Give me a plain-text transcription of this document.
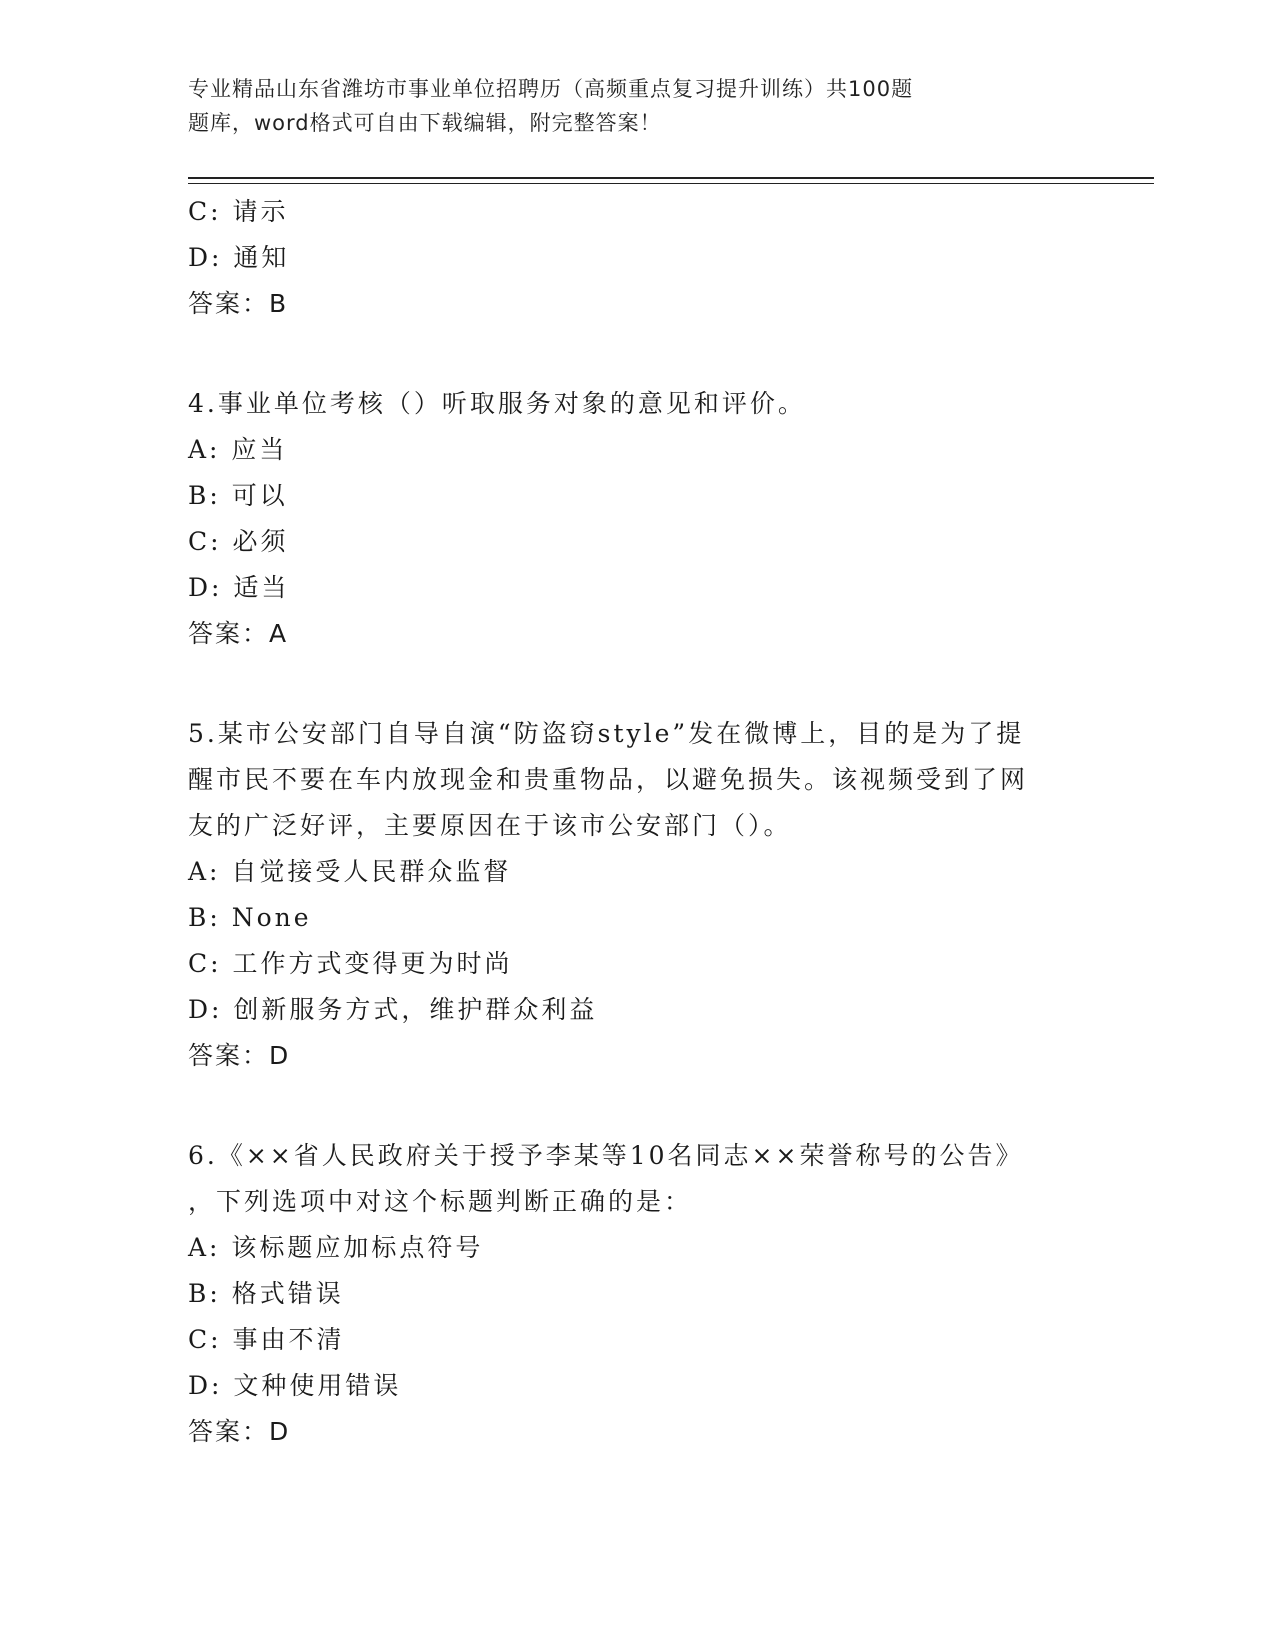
专业精品山东省潍坊市事业单位招聘历（高频重点复习提升训练）共100题
题库，word格式可自由下载编辑，附完整答案！
C: 请示
D: 通知
答案：B
4.事业单位考核（）听取服务对象的意见和评价。
A: 应当
B: 可以
C: 必须
D: 适当
答案：A
5.某市公安部门自导自演“防盗窃style”发在微博上，目的是为了提
醒市民不要在车内放现金和贵重物品，以避免损失。该视频受到了网
友的广泛好评，主要原因在于该市公安部门（）。
A: 自觉接受人民群众监督
B: None
C: 工作方式变得更为时尚
D: 创新服务方式，维护群众利益
答案：D
6.《××省人民政府关于授予李某等10名同志××荣誉称号的公告》
，下列选项中对这个标题判断正确的是：
A: 该标题应加标点符号
B: 格式错误
C: 事由不清
D: 文种使用错误
答案：D
